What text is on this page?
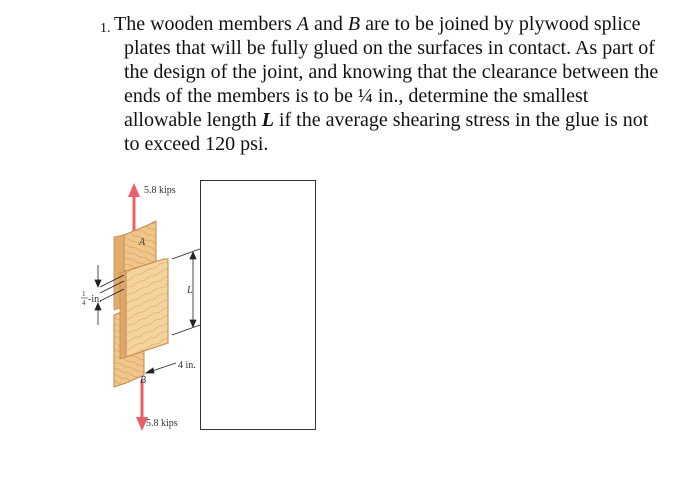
1. The wooden members A and B are to be joined by plywood splice plates that will be fully glued on the surfaces in contact. As part of the design of the joint, and knowing that the clearance between the ends of the members is to be ¼ in., determine the smallest allowable length L if the average shearing stress in the glue is not to exceed 120 psi.

5.8 kips
A
L
4 in.
B
5.8 kips
1
4 -in.
